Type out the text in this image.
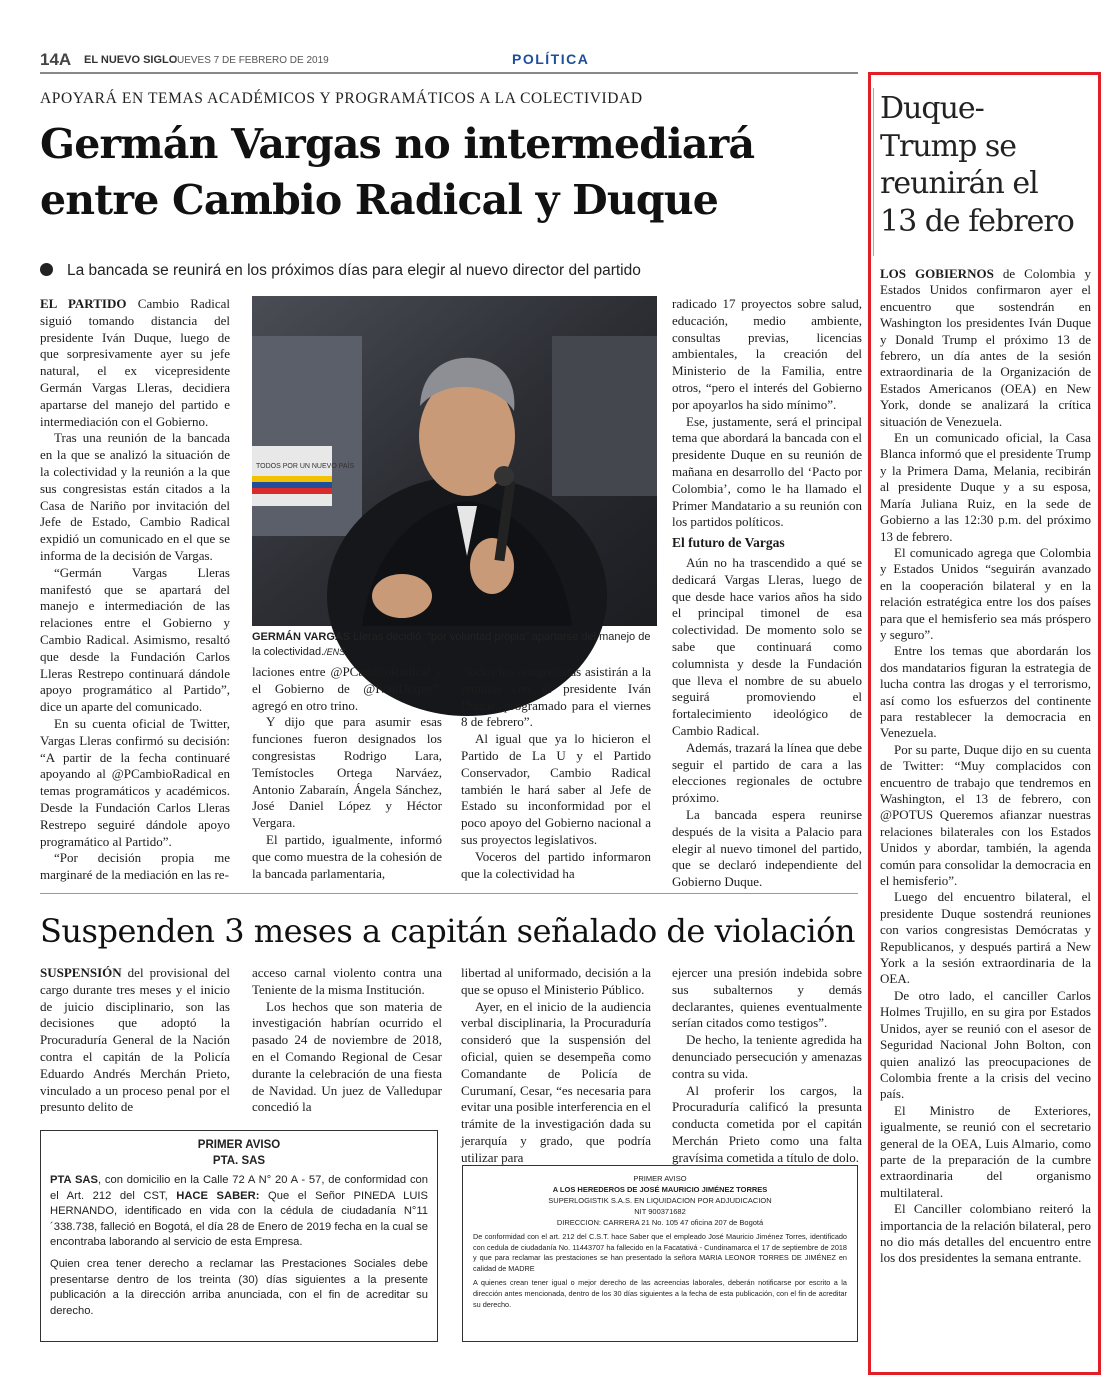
14A EL NUEVO SIGLO
JUEVES 7 DE FEBRERO DE 2019	POLÍTICA
APOYARÁ EN TEMAS ACADÉMICOS Y PROGRAMÁTICOS A LA COLECTIVIDAD
Germán Vargas no intermediará
entre Cambio Radical y Duque
La bancada se reunirá en los próximos días para elegir al nuevo director del partido

EL PARTIDO Cambio Radical siguió tomando distancia del presidente Iván Duque, luego de que sorpresivamente ayer su jefe natural, el ex vicepresidente Germán Vargas Lleras, decidiera apartarse del manejo del partido e intermediación con el Gobierno.

Tras una reunión de la bancada en la que se analizó la situación de la colectividad y la reunión a la que sus congresistas están citados a la Casa de Nariño por invitación del Jefe de Estado, Cambio Radical expidió un comunicado en el que se informa de la decisión de Vargas.

“Germán Vargas Lleras manifestó que se apartará del manejo e intermediación de las relaciones entre el Gobierno y Cambio Radical. Asimismo, resaltó que desde la Fundación Carlos Lleras Restrepo continuará dándole apoyo programático al Partido”, dice un aparte del comunicado.

En su cuenta oficial de Twitter, Vargas Lleras confirmó su decisión: “A partir de la fecha continuaré apoyando al @PCambioRadical en temas programáticos y académicos. Desde la Fundación Carlos Lleras Restrepo seguiré dándole apoyo programático al Partido”.

“Por decisión propia me marginaré de la mediación en las re-

TODOS POR UN NUEVO PAÍS
GERMÁN VARGAS Lleras decidió, “por voluntad propia” apartarse del manejo de la colectividad./ENS

laciones entre @PCambioRadical y el Gobierno de @IvanDuque”, agregó en otro trino.

Y dijo que para asumir esas funciones fueron designados los congresistas Rodrigo Lara, Temístocles Ortega Narváez, Antonio Zabaraín, Ángela Sánchez, José Daniel López y Héctor Vergara.

El partido, igualmente, informó que como muestra de la cohesión de la bancada parlamentaria,

“todos los congresistas asistirán a la reunión con el presidente Iván Duque, programado para el viernes 8 de febrero”.

Al igual que ya lo hicieron el Partido de La U y el Partido Conservador, Cambio Radical también le hará saber al Jefe de Estado su inconformidad por el poco apoyo del Gobierno nacional a sus proyectos legislativos.

Voceros del partido informaron que la colectividad ha

radicado 17 proyectos sobre salud, educación, medio ambiente, consultas previas, licencias ambientales, la creación del Ministerio de la Familia, entre otros, “pero el interés del Gobierno por apoyarlos ha sido mínimo”.

Ese, justamente, será el principal tema que abordará la bancada con el presidente Duque en su reunión de mañana en desarrollo del ‘Pacto por Colombia’, como le ha llamado el Primer Mandatario a su reunión con los partidos políticos.

El futuro de Vargas

Aún no ha trascendido a qué se dedicará Vargas Lleras, luego de que desde hace varios años ha sido el principal timonel de esa colectividad. De momento solo se sabe que continuará como columnista y desde la Fundación que lleva el nombre de su abuelo seguirá promoviendo el fortalecimiento ideológico de Cambio Radical.

Además, trazará la línea que debe seguir el partido de cara a las elecciones regionales de octubre próximo.

La bancada espera reunirse después de la visita a Palacio para elegir al nuevo timonel del partido, que se declaró independiente del Gobierno Duque.

Suspenden 3 meses a capitán señalado de violación

SUSPENSIÓN del provisional del cargo durante tres meses y el inicio de juicio disciplinario, son las decisiones que adoptó la Procuraduría General de la Nación contra el capitán de la Policía Eduardo Andrés Merchán Prieto, vinculado a un proceso penal por el presunto delito de

acceso carnal violento contra una Teniente de la misma Institución.

Los hechos que son materia de investigación habrían ocurrido el pasado 24 de noviembre de 2018, en el Comando Regional de Cesar durante la celebración de una fiesta de Navidad. Un juez de Valledupar concedió la

libertad al uniformado, decisión a la que se opuso el Ministerio Público.

Ayer, en el inicio de la audiencia verbal disciplinaria, la Procuraduría consideró que la suspensión del oficial, quien se desempeña como Comandante de Policía de Curumaní, Cesar, “es necesaria para evitar una posible interferencia en el trámite de la investigación dada su jerarquía y grado, que podría utilizar para

ejercer una presión indebida sobre sus subalternos y demás declarantes, quienes eventualmente serían citados como testigos”.

De hecho, la teniente agredida ha denunciado persecución y amenazas contra su vida.

Al proferir los cargos, la Procuraduría calificó la presunta conducta cometida por el capitán Merchán Prieto como una falta gravísima cometida a título de dolo.

PRIMER AVISO
PTA. SAS
PTA SAS, con domicilio en la Calle 72 A N° 20 A - 57, de conformidad con el Art. 212 del CST, HACE SABER: Que el Señor PINEDA LUIS HERNANDO, identificado en vida con la cédula de ciudadanía N°11´338.738, falleció en Bogotá, el día 28 de Enero de 2019 fecha en la cual se encontraba laborando al servicio de esta Empresa.
Quien crea tener derecho a reclamar las Prestaciones Sociales debe presentarse dentro de los treinta (30) días siguientes a la presente publicación a la dirección arriba anunciada, con el fin de acreditar su derecho.
PRIMER AVISO
A LOS HEREDEROS DE JOSÉ MAURICIO JIMÉNEZ TORRES
SUPERLOGISTIK S.A.S. EN LIQUIDACION POR ADJUDICACION
NIT 900371682
DIRECCION: CARRERA 21 No. 105 47 oficina 207 de Bogotá
De conformidad con el art. 212 del C.S.T. hace Saber que el empleado José Mauricio Jiménez Torres, identificado con cedula de ciudadanía No. 11443707 ha fallecido en la Facatativá - Cundinamarca el 17 de septiembre de 2018 y que para reclamar las prestaciones se han presentado la señora MARIA LEONOR TORRES DE JIMÉNEZ en calidad de MADRE
A quienes crean tener igual o mejor derecho de las acreencias laborales, deberán notificarse por escrito a la dirección antes mencionada, dentro de los 30 días siguientes a la fecha de esta publicación, con el fin de acreditar su derecho.
Duque-
Trump se
reunirán el
13 de febrero

LOS GOBIERNOS de Colombia y Estados Unidos confirmaron ayer el encuentro que sostendrán en Washington los presidentes Iván Duque y Donald Trump el próximo 13 de febrero, un día antes de la sesión extraordinaria de la Organización de Estados Americanos (OEA) en New York, donde se analizará la crítica situación de Venezuela.

En un comunicado oficial, la Casa Blanca informó que el presidente Trump y la Primera Dama, Melania, recibirán al presidente Duque y a su esposa, María Juliana Ruiz, en la sede de Gobierno a las 12:30 p.m. del próximo 13 de febrero.

El comunicado agrega que Colombia y Estados Unidos “seguirán avanzado en la cooperación bilateral y en la relación estratégica entre los dos países para que el hemisferio sea más próspero y seguro”.

Entre los temas que abordarán los dos mandatarios figuran la estrategia de lucha contra las drogas y el terrorismo, así como los esfuerzos del continente para restablecer la democracia en Venezuela.

Por su parte, Duque dijo en su cuenta de Twitter: “Muy complacidos con encuentro de trabajo que tendremos en Washington, el 13 de febrero, con @POTUS Queremos afianzar nuestras relaciones bilaterales con los Estados Unidos y abordar, también, la agenda común para consolidar la democracia en el hemisferio”.

Luego del encuentro bilateral, el presidente Duque sostendrá reuniones con varios congresistas Demócratas y Republicanos, y después partirá a New York a la sesión extraordinaria de la OEA.

De otro lado, el canciller Carlos Holmes Trujillo, en su gira por Estados Unidos, ayer se reunió con el asesor de Seguridad Nacional John Bolton, con quien analizó las preocupaciones de Colombia frente a la crisis del vecino país.

El Ministro de Exteriores, igualmente, se reunió con el secretario general de la OEA, Luis Almario, como parte de la preparación de la cumbre extraordinaria del organismo multilateral.

El Canciller colombiano reiteró la importancia de la relación bilateral, pero no dio más detalles del encuentro entre los dos presidentes la semana entrante.
